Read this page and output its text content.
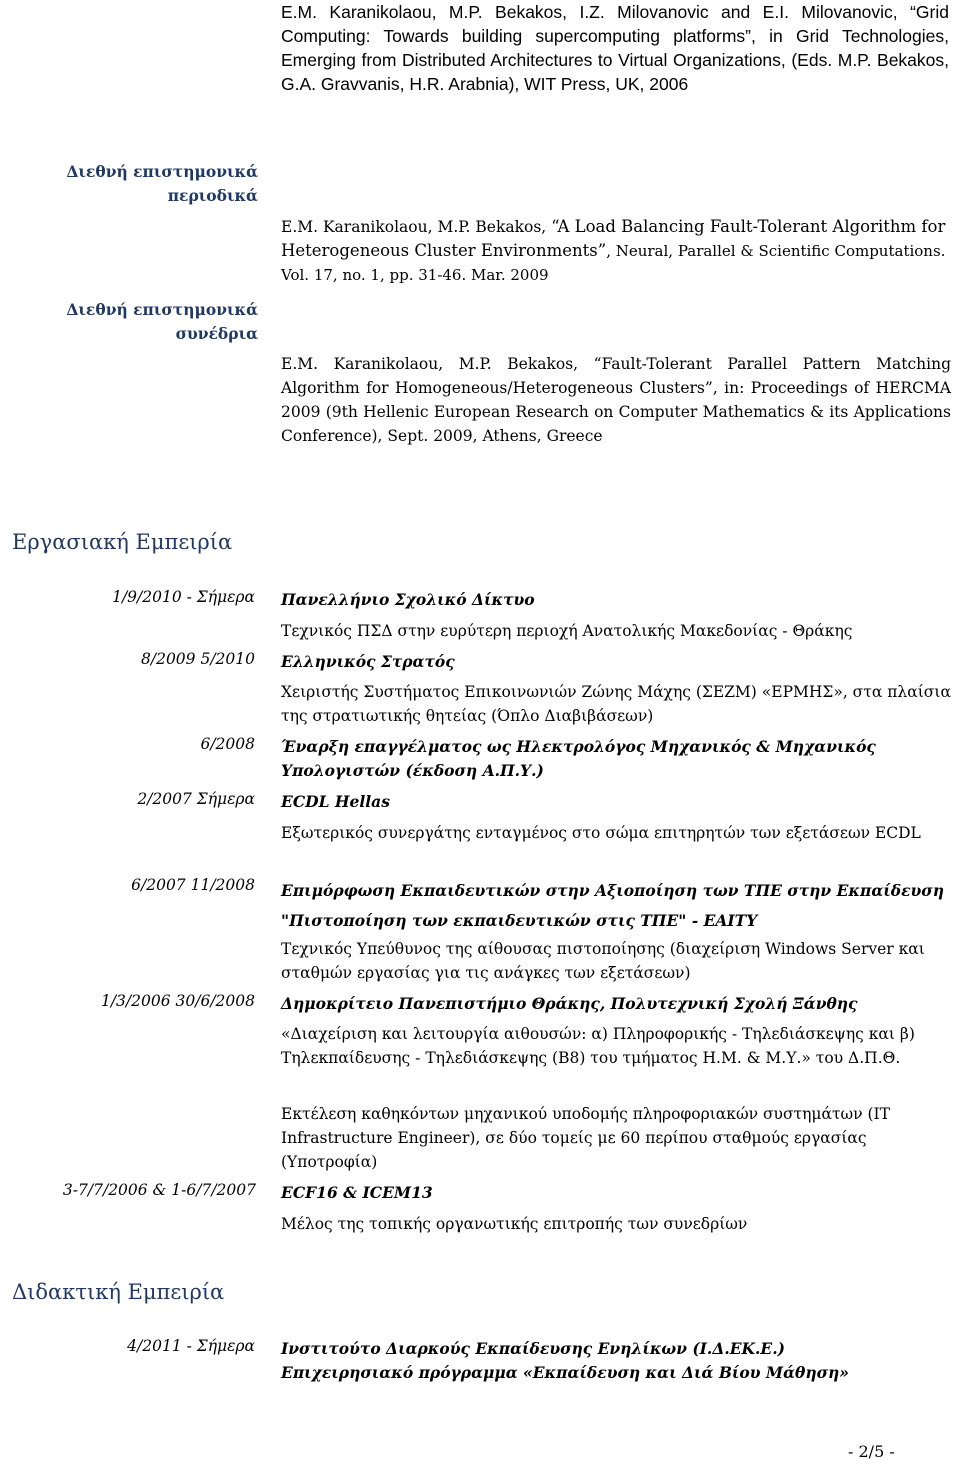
E.M. Karanikolaou, M.P. Bekakos, I.Z. Milovanovic and E.I. Milovanovic, “Grid Computing: Towards building supercomputing platforms”, in Grid Technologies, Emerging from Distributed Architectures to Virtual Organizations, (Eds. M.P. Bekakos, G.A. Gravvanis, H.R. Arabnia), WIT Press, UK, 2006
Διεθνή επιστημονικά περιοδικά
Διεθνή επιστημονικά συνέδρια
E.M. Karanikolaou, M.P. Bekakos, “A Load Balancing Fault-Tolerant Algorithm for Heterogeneous Cluster Environments”, Neural, Parallel & Scientific Computations. Vol. 17, no. 1, pp. 31-46. Mar. 2009
E.M. Karanikolaou, M.P. Bekakos, “Fault-Tolerant Parallel Pattern Matching Algorithm for Homogeneous/Heterogeneous Clusters”, in: Proceedings of HERCMA 2009 (9th Hellenic European Research on Computer Mathematics & its Applications Conference), Sept. 2009, Athens, Greece
Εργασιακή Εμπειρία
1/9/2010 - Σήμερα Πανελλήνιο Σχολικό Δίκτυο
Τεχνικός ΠΣΔ στην ευρύτερη περιοχή Ανατολικής Μακεδονίας - Θράκης
8/2009 5/2010 Ελληνικός Στρατός
Χειριστής Συστήματος Επικοινωνιών Ζώνης Μάχης (ΣΕΖΜ) «ΕΡΜΗΣ», στα πλαίσια της στρατιωτικής θητείας (Όπλο Διαβιβάσεων)
6/2008 Έναρξη επαγγέλματος ως Ηλεκτρολόγος Μηχανικός & Μηχανικός Υπολογιστών (έκδοση Α.Π.Υ.)
2/2007 Σήμερα ECDL Hellas
Εξωτερικός συνεργάτης ενταγμένος στο σώμα επιτηρητών των εξετάσεων ECDL
6/2007 11/2008 Επιμόρφωση Εκπαιδευτικών στην Αξιοποίηση των ΤΠΕ στην Εκπαίδευση "Πιστοποίηση των εκπαιδευτικών στις ΤΠΕ" - EAITY
Τεχνικός Υπεύθυνος της αίθουσας πιστοποίησης (διαχείριση Windows Server και σταθμών εργασίας για τις ανάγκες των εξετάσεων)
1/3/2006 30/6/2008 Δημοκρίτειο Πανεπιστήμιο Θράκης, Πολυτεχνική Σχολή Ξάνθης
«Διαχείριση και λειτουργία αιθουσών: α) Πληροφορικής - Τηλεδιάσκεψης και β) Τηλεκπαίδευσης - Τηλεδιάσκεψης (Β8) του τμήματος Η.Μ. & Μ.Υ.» του Δ.Π.Θ.
Εκτέλεση καθηκόντων μηχανικού υποδομής πληροφοριακών συστημάτων (IT Infrastructure Engineer), σε δύο τομείς με 60 περίπου σταθμούς εργασίας (Υποτροφία)
3-7/7/2006 & 1-6/7/2007 ECF16 & ICEM13
Μέλος της τοπικής οργανωτικής επιτροπής των συνεδρίων
Διδακτική Εμπειρία
4/2011 - Σήμερα Ινστιτούτο Διαρκούς Εκπαίδευσης Ενηλίκων (Ι.Δ.ΕΚ.Ε.)
Επιχειρησιακό πρόγραμμα «Εκπαίδευση και Διά Βίου Μάθηση»
- 2/5 -
